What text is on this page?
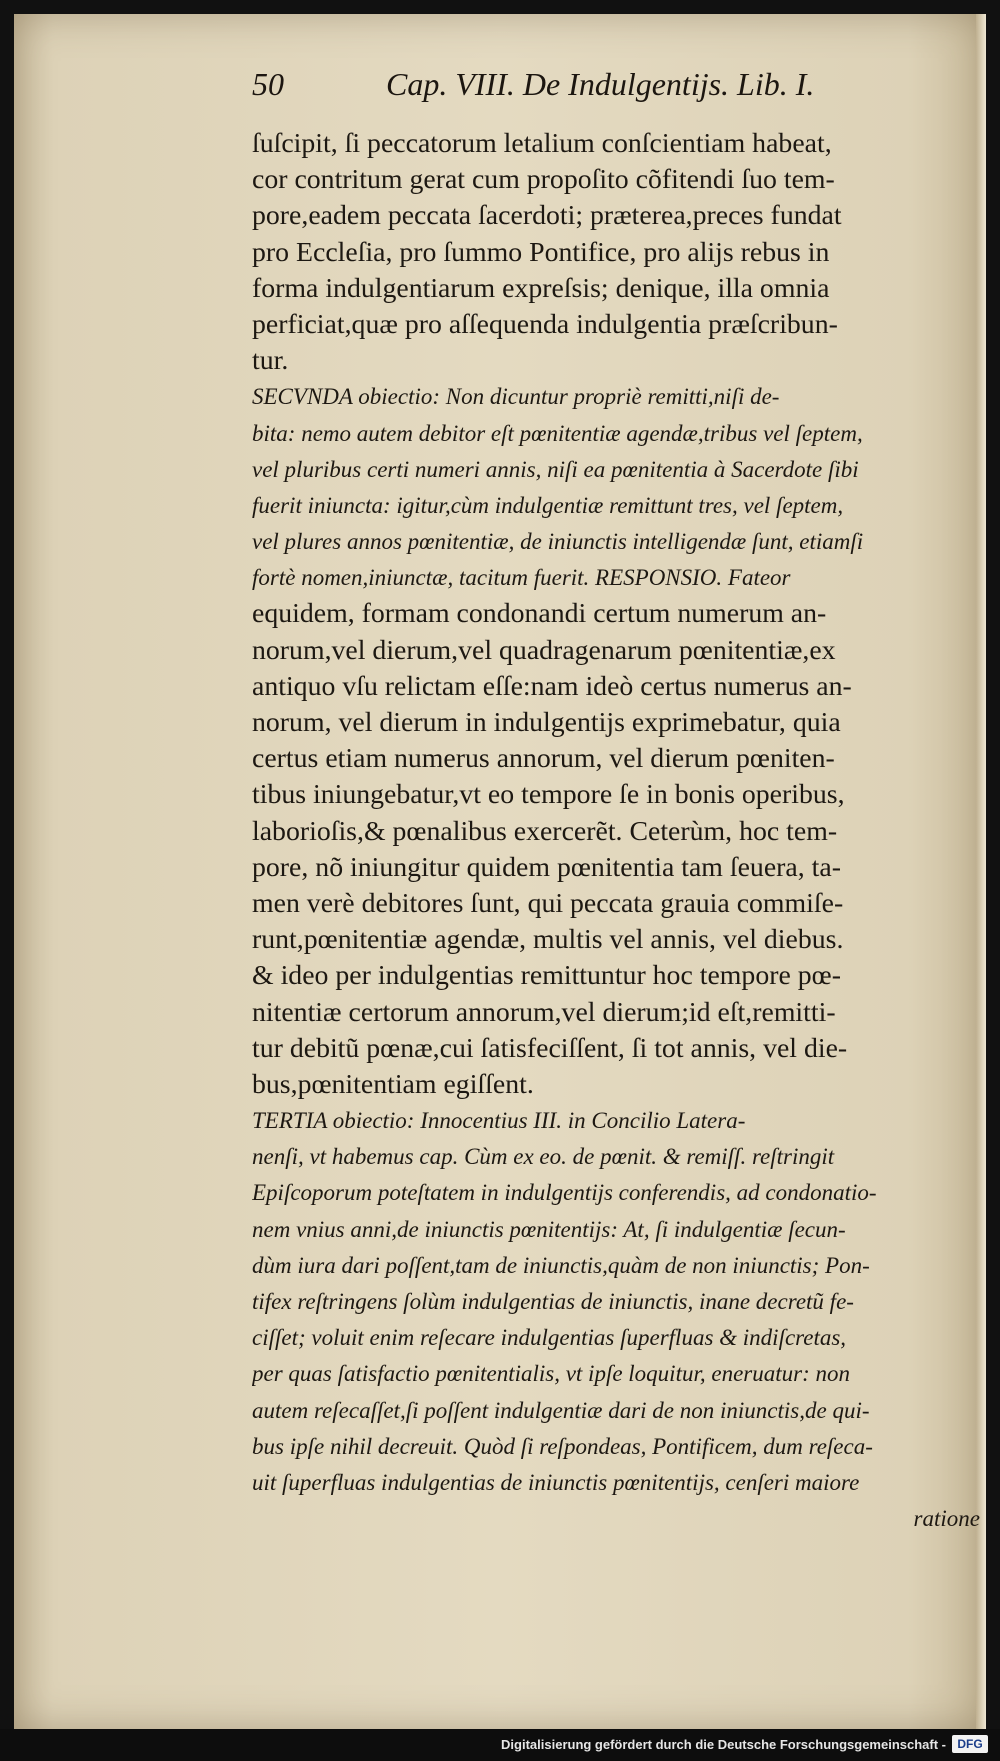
50	Cap. VIII. De Indulgentijs. Lib. I.
ſuſcipit, ſi peccatorum letalium conſcientiam habeat,
cor contritum gerat cum propoſito cõfitendi ſuo tem-
pore,eadem peccata ſacerdoti; præterea,preces fundat
pro Eccleſia, pro ſummo Pontifice, pro alijs rebus in
forma indulgentiarum expreſsis; denique, illa omnia
perficiat,quæ pro aſſequenda indulgentia præſcribun-
tur.
SECVNDA obiectio: Non dicuntur propriè remitti,niſi de-
bita: nemo autem debitor eſt pœnitentiæ agendæ,tribus vel ſeptem,
vel pluribus certi numeri annis, niſi ea pœnitentia à Sacerdote ſibi
fuerit iniuncta: igitur,cùm indulgentiæ remittunt tres, vel ſeptem,
vel plures annos pœnitentiæ, de iniunctis intelligendæ ſunt, etiamſi
fortè nomen,iniunctæ, tacitum fuerit. RESPONSIO. Fateor
equidem, formam condonandi certum numerum an-
norum,vel dierum,vel quadragenarum pœnitentiæ,ex
antiquo vſu relictam eſſe:nam ideò certus numerus an-
norum, vel dierum in indulgentijs exprimebatur, quia
certus etiam numerus annorum, vel dierum pœniten-
tibus iniungebatur,vt eo tempore ſe in bonis operibus,
laborioſis,& pœnalibus exercerẽt. Ceterùm, hoc tem-
pore, nõ iniungitur quidem pœnitentia tam ſeuera, ta-
men verè debitores ſunt, qui peccata grauia commiſe-
runt,pœnitentiæ agendæ, multis vel annis, vel diebus.
& ideo per indulgentias remittuntur hoc tempore pœ-
nitentiæ certorum annorum,vel dierum;id eſt,remitti-
tur debitũ pœnæ,cui ſatisfeciſſent, ſi tot annis, vel die-
bus,pœnitentiam egiſſent.
TERTIA obiectio: Innocentius III. in Concilio Latera-
nenſi, vt habemus cap. Cùm ex eo. de pœnit. & remiſſ. reſtringit
Epiſcoporum poteſtatem in indulgentijs conferendis, ad condonatio-
nem vnius anni,de iniunctis pœnitentijs: At, ſi indulgentiæ ſecun-
dùm iura dari poſſent,tam de iniunctis,quàm de non iniunctis; Pon-
tifex reſtringens ſolùm indulgentias de iniunctis, inane decretũ fe-
ciſſet; voluit enim reſecare indulgentias ſuperfluas & indiſcretas,
per quas ſatisfactio pœnitentialis, vt ipſe loquitur, eneruatur: non
autem reſecaſſet,ſi poſſent indulgentiæ dari de non iniunctis,de qui-
bus ipſe nihil decreuit. Quòd ſi reſpondeas, Pontificem, dum reſeca-
uit ſuperfluas indulgentias de iniunctis pœnitentijs, cenſeri maiore
ratione
Digitalisierung gefördert durch die Deutsche Forschungsgemeinschaft - DFG
